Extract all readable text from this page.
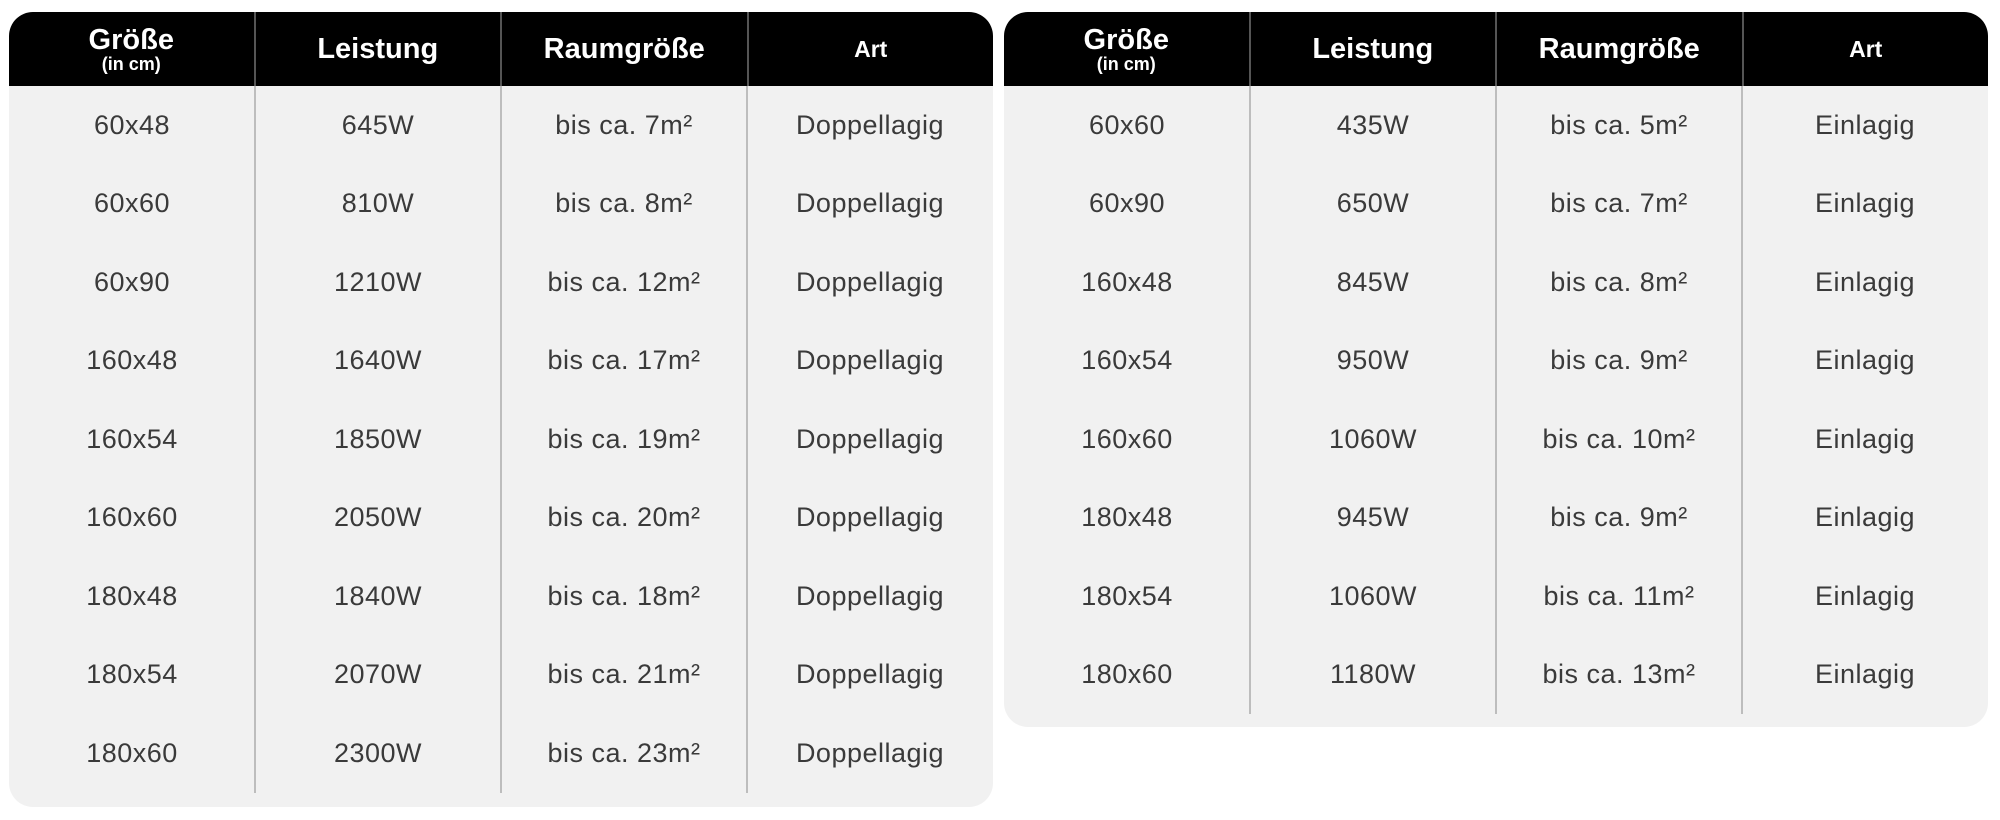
Größe
(in cm)	Leistung	Raumgröße	Art
60x48	645W	bis ca. 7m²	Doppellagig
60x60	810W	bis ca. 8m²	Doppellagig
60x90	1210W	bis ca. 12m²	Doppellagig
160x48	1640W	bis ca. 17m²	Doppellagig
160x54	1850W	bis ca. 19m²	Doppellagig
160x60	2050W	bis ca. 20m²	Doppellagig
180x48	1840W	bis ca. 18m²	Doppellagig
180x54	2070W	bis ca. 21m²	Doppellagig
180x60	2300W	bis ca. 23m²	Doppellagig
Größe
(in cm)	Leistung	Raumgröße	Art
60x60	435W	bis ca. 5m²	Einlagig
60x90	650W	bis ca. 7m²	Einlagig
160x48	845W	bis ca. 8m²	Einlagig
160x54	950W	bis ca. 9m²	Einlagig
160x60	1060W	bis ca. 10m²	Einlagig
180x48	945W	bis ca. 9m²	Einlagig
180x54	1060W	bis ca. 11m²	Einlagig
180x60	1180W	bis ca. 13m²	Einlagig
